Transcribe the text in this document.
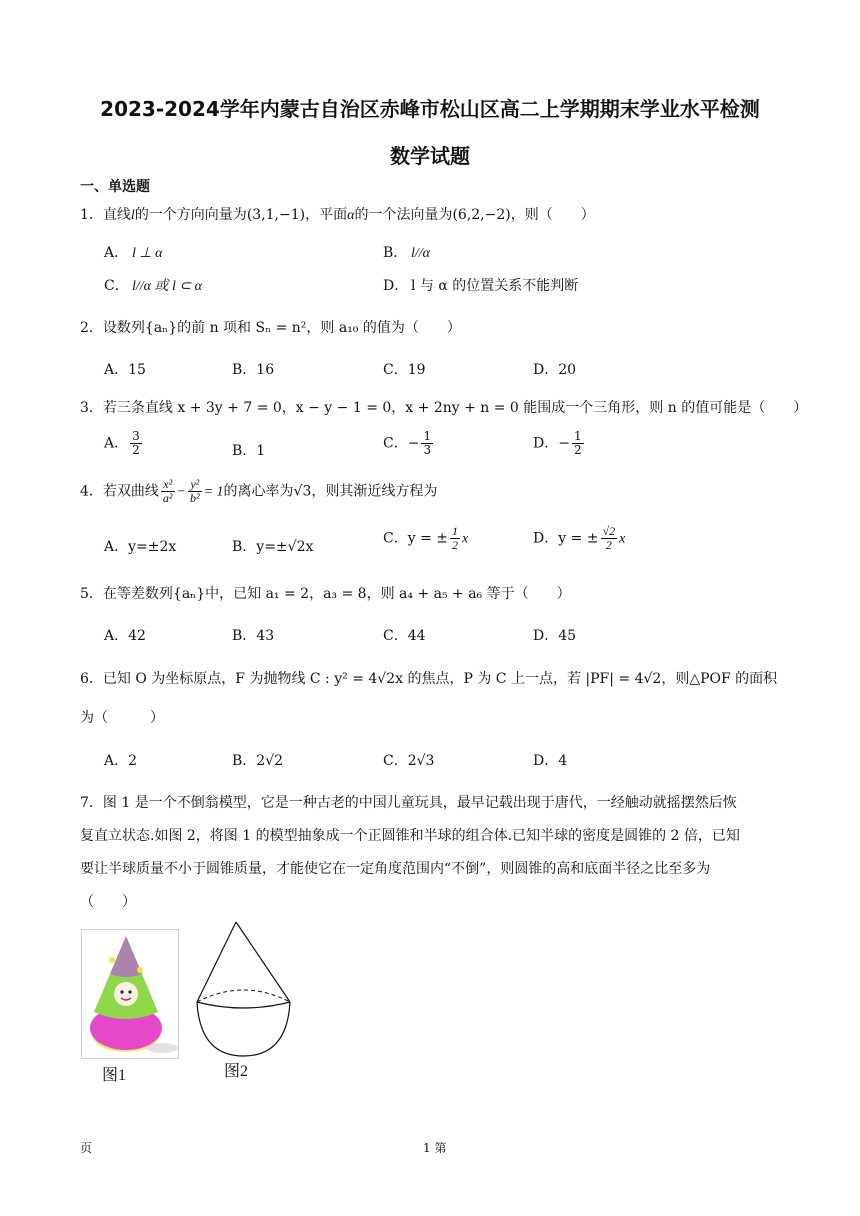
2023-2024学年内蒙古自治区赤峰市松山区高二上学期期末学业水平检测
数学试题
一、单选题
1．直线l的一个方向向量为(3,1,−1)，平面α的一个法向量为(6,2,−2)，则（　　）
A． l ⊥ α	B． l//α
C． l//α 或 l ⊂ α	D． l 与 α 的位置关系不能判断
2．设数列{aₙ}的前 n 项和 Sₙ = n²，则 a₁₀ 的值为（　　）
A．15	B．16	C．19	D．20
3．若三条直线 x + 3y + 7 = 0，x − y − 1 = 0，x + 2ny + n = 0 能围成一个三角形，则 n 的值可能是（　　）
A． $\frac{3}{2}$	B．1	C．− $\frac{1}{3}$	D．− $\frac{1}{2}$
4．若双曲线 $\frac{\text{x²}}{\text{a²}} - \frac{\text{y²}}{\text{b²}} = 1$的离心率为√3，则其渐近线方程为
A．y=±2x	B．y=±√2x
C．y = ± $\frac{1}{2}$ x	D．y = ± $\frac{√2}{2}$ x
5．在等差数列{aₙ}中，已知 a₁ = 2，a₃ = 8，则 a₄ + a₅ + a₆ 等于（　　）
A．42	B．43	C．44	D．45
6．已知 O 为坐标原点，F 为抛物线 C : y² = 4√2x 的焦点，P 为 C 上一点，若 |PF| = 4√2，则△POF 的面积
为（　　　）
A．2	B．2√2	C．2√3	D．4
7．图 1 是一个不倒翁模型，它是一种古老的中国儿童玩具，最早记载出现于唐代，一经触动就摇摆然后恢
复直立状态.如图 2，将图 1 的模型抽象成一个正圆锥和半球的组合体.已知半球的密度是圆锥的 2 倍，已知
要让半球质量不小于圆锥质量，才能使它在一定角度范围内“不倒”，则圆锥的高和底面半径之比至多为
（　　）
图1	图2
页	1 第
